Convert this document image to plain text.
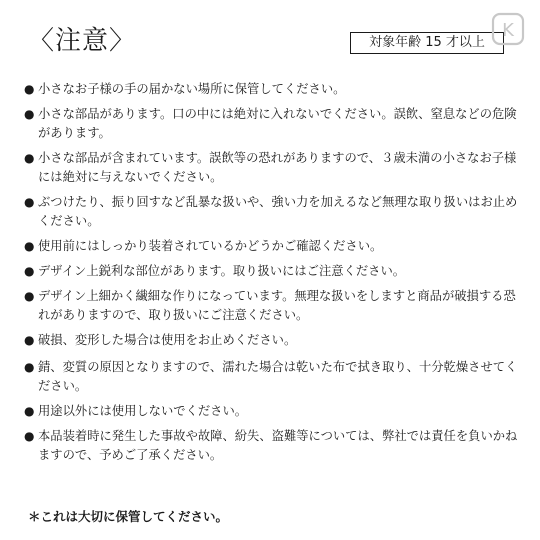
〈注意〉	対象年齢 15 才以上
K
● 小さなお子様の手の届かない場所に保管してください。
● 小さな部品があります。口の中には絶対に入れないでください。誤飲、窒息などの危険があります。
● 小さな部品が含まれています。誤飲等の恐れがありますので、３歳未満の小さなお子様には絶対に与えないでください。
● ぶつけたり、振り回すなど乱暴な扱いや、強い力を加えるなど無理な取り扱いはお止めください。
● 使用前にはしっかり装着されているかどうかご確認ください。
● デザイン上鋭利な部位があります。取り扱いにはご注意ください。
● デザイン上細かく繊細な作りになっています。無理な扱いをしますと商品が破損する恐れがありますので、取り扱いにご注意ください。
● 破損、変形した場合は使用をお止めください。
● 錆、変質の原因となりますので、濡れた場合は乾いた布で拭き取り、十分乾燥させてください。
● 用途以外には使用しないでください。
● 本品装着時に発生した事故や故障、紛失、盗難等については、弊社では責任を負いかねますので、予めご了承ください。
＊これは大切に保管してください。
